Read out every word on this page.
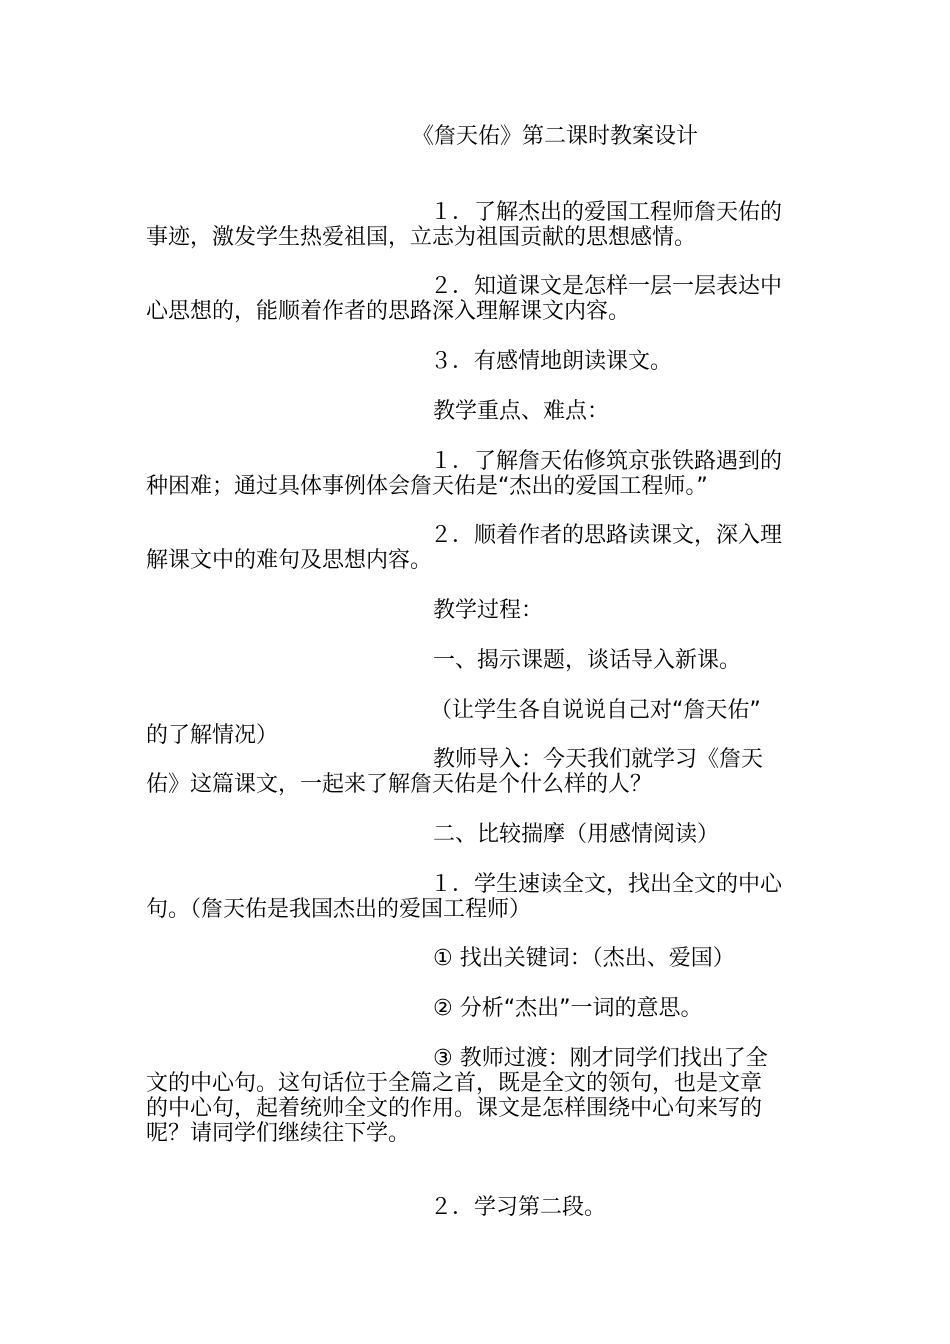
《詹天佑》第二课时教案设计
１．了解杰出的爱国工程师詹天佑的
事迹，激发学生热爱祖国，立志为祖国贡献的思想感情。
２．知道课文是怎样一层一层表达中
心思想的，能顺着作者的思路深入理解课文内容。
３．有感情地朗读课文。
教学重点、难点：
１．了解詹天佑修筑京张铁路遇到的
种困难；通过具体事例体会詹天佑是“杰出的爱国工程师。”
２．顺着作者的思路读课文，深入理
解课文中的难句及思想内容。
教学过程：
一、揭示课题，谈话导入新课。
（让学生各自说说自己对“詹天佑”
的了解情况）
教师导入：今天我们就学习《詹天
佑》这篇课文，一起来了解詹天佑是个什么样的人？
二、比较揣摩（用感情阅读）
１．学生速读全文，找出全文的中心
句。（詹天佑是我国杰出的爱国工程师）
① 找出关键词：（杰出、爱国）
② 分析“杰出”一词的意思。
③ 教师过渡：刚才同学们找出了全
文的中心句。这句话位于全篇之首，既是全文的领句，也是文章
的中心句，起着统帅全文的作用。课文是怎样围绕中心句来写的
呢？请同学们继续往下学。
２．学习第二段。
